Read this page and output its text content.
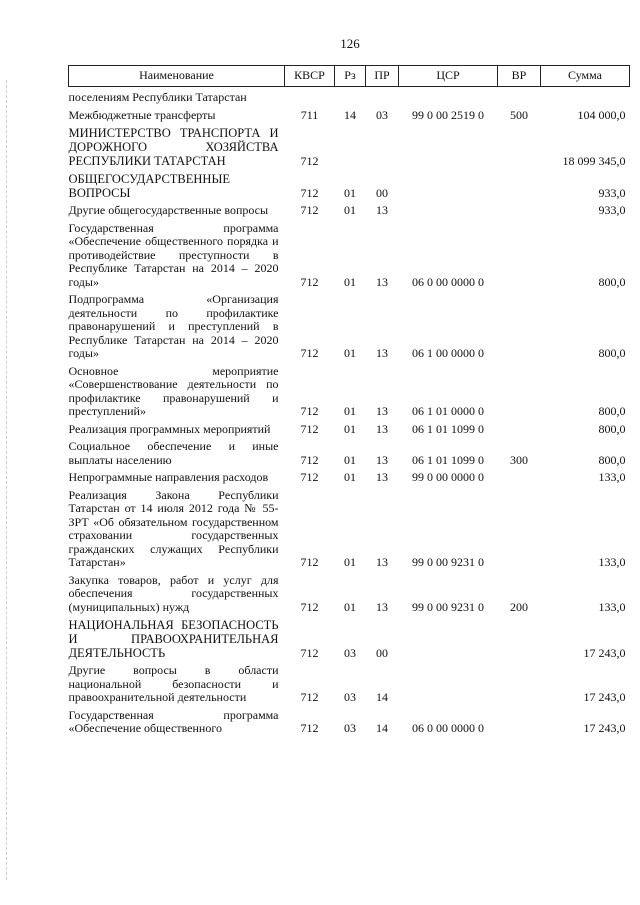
126
Наименование	КВСР	Рз	ПР	ЦСР	ВР	Сумма
поселениям Республики Татарстан						
Межбюджетные трансферты	711	14	03	99 0 00 2519 0	500	104 000,0
МИНИСТЕРСТВО ТРАНСПОРТА И ДОРОЖНОГО ХОЗЯЙСТВА РЕСПУБЛИКИ ТАТАРСТАН	712					18 099 345,0
ОБЩЕГОСУДАРСТВЕННЫЕ ВОПРОСЫ	712	01	00			933,0
Другие общегосударственные вопросы	712	01	13			933,0
Государственная программа «Обеспечение общественного порядка и противодействие преступности в Республике Татарстан на 2014 – 2020 годы»	712	01	13	06 0 00 0000 0		800,0
Подпрограмма «Организация деятельности по профилактике правонарушений и преступлений в Республике Татарстан на 2014 – 2020 годы»	712	01	13	06 1 00 0000 0		800,0
Основное мероприятие «Совершенствование деятельности по профилактике правонарушений и преступлений»	712	01	13	06 1 01 0000 0		800,0
Реализация программных мероприятий	712	01	13	06 1 01 1099 0		800,0
Социальное обеспечение и иные выплаты населению	712	01	13	06 1 01 1099 0	300	800,0
Непрограммные направления расходов	712	01	13	99 0 00 0000 0		133,0
Реализация Закона Республики Татарстан от 14 июля 2012 года № 55-ЗРТ «Об обязательном государственном страховании государственных гражданских служащих Республики Татарстан»	712	01	13	99 0 00 9231 0		133,0
Закупка товаров, работ и услуг для обеспечения государственных (муниципальных) нужд	712	01	13	99 0 00 9231 0	200	133,0
НАЦИОНАЛЬНАЯ БЕЗОПАСНОСТЬ И ПРАВООХРАНИТЕЛЬНАЯ ДЕЯТЕЛЬНОСТЬ	712	03	00			17 243,0
Другие вопросы в области национальной безопасности и правоохранительной деятельности	712	03	14			17 243,0
Государственная программа «Обеспечение общественного	712	03	14	06 0 00 0000 0		17 243,0
